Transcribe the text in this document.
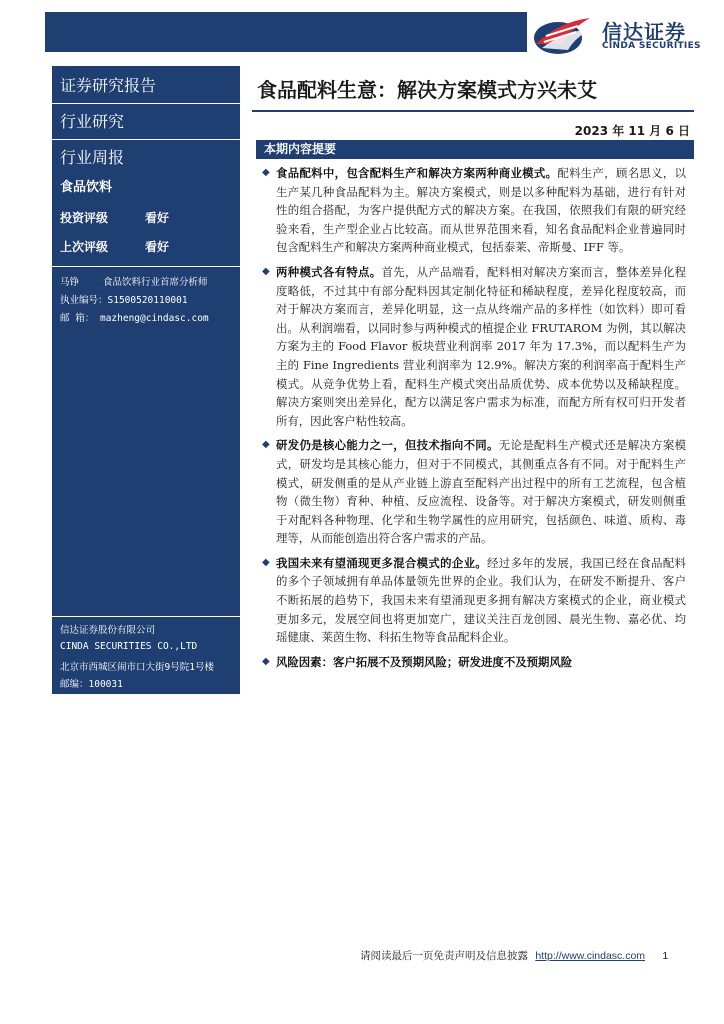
信达证券
CINDA SECURITIES
证券研究报告
行业研究
行业周报
食品饮料
投资评级	看好
上次评级	看好
马铮	食品饮料行业首席分析师
执业编号：S1500520110001
邮 箱： mazheng@cindasc.com
信达证券股份有限公司
CINDA SECURITIES CO.,LTD
北京市西城区闹市口大街9号院1号楼
邮编：100031
食品配料生意：解决方案模式方兴未艾
2023 年 11 月 6 日
本期内容提要
◆ 食品配料中，包含配料生产和解决方案两种商业模式。配料生产，顾名思义，以生产某几种食品配料为主。解决方案模式，则是以多种配料为基础，进行有针对性的组合搭配，为客户提供配方式的解决方案。在我国，依照我们有限的研究经验来看，生产型企业占比较高。而从世界范围来看，知名食品配料企业普遍同时包含配料生产和解决方案两种商业模式，包括泰莱、帝斯曼、IFF 等。
◆ 两种模式各有特点。首先，从产品端看，配料相对解决方案而言，整体差异化程度略低，不过其中有部分配料因其定制化特征和稀缺程度，差异化程度较高，而对于解决方案而言，差异化明显，这一点从终端产品的多样性（如饮料）即可看出。从利润端看，以同时参与两种模式的植提企业 FRUTAROM 为例，其以解决方案为主的 Food Flavor 板块营业利润率 2017 年为 17.3%，而以配料生产为主的 Fine Ingredients 营业利润率为 12.9%。解决方案的利润率高于配料生产模式。从竞争优势上看，配料生产模式突出品质优势、成本优势以及稀缺程度。解决方案则突出差异化，配方以满足客户需求为标准，而配方所有权可归开发者所有，因此客户粘性较高。
◆ 研发仍是核心能力之一，但技术指向不同。无论是配料生产模式还是解决方案模式，研发均是其核心能力，但对于不同模式，其侧重点各有不同。对于配料生产模式，研发侧重的是从产业链上游直至配料产出过程中的所有工艺流程，包含植物（微生物）育种、种植、反应流程、设备等。对于解决方案模式，研发则侧重于对配料各种物理、化学和生物学属性的应用研究，包括颜色、味道、质构、毒理等，从而能创造出符合客户需求的产品。
◆ 我国未来有望涌现更多混合模式的企业。经过多年的发展，我国已经在食品配料的多个子领域拥有单品体量领先世界的企业。我们认为，在研发不断提升、客户不断拓展的趋势下，我国未来有望涌现更多拥有解决方案模式的企业，商业模式更加多元，发展空间也将更加宽广，建议关注百龙创园、晨光生物、嘉必优、均瑶健康、莱茵生物、科拓生物等食品配料企业。
◆ 风险因素：客户拓展不及预期风险；研发进度不及预期风险
请阅读最后一页免责声明及信息披露 http://www.cindasc.com 1
